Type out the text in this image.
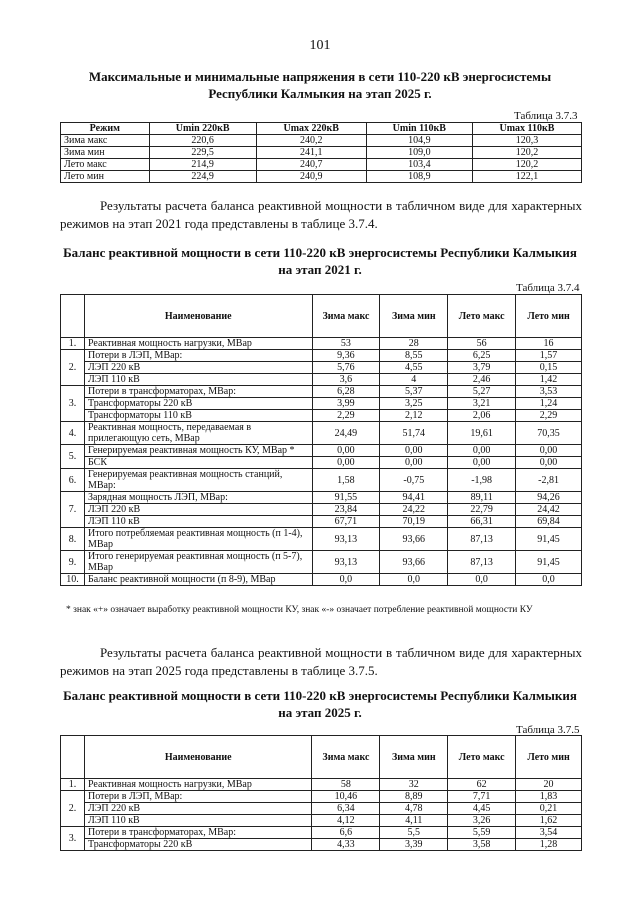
101
Максимальные и минимальные напряжения в сети 110-220 кВ энергосистемы Республики Калмыкия на этап 2025 г.
Таблица 3.7.3
Режим	Umin 220кВ	Umax 220кВ	Umin 110кВ	Umax 110кВ
Зима макс	220,6	240,2	104,9	120,3
Зима мин	229,5	241,1	109,0	120,2
Лето макс	214,9	240,7	103,4	120,2
Лето мин	224,9	240,9	108,9	122,1
Результаты расчета баланса реактивной мощности в табличном виде для характерных режимов на этап 2021 года представлены в таблице 3.7.4.
Баланс реактивной мощности в сети 110-220 кВ энергосистемы Республики Калмыкия на этап 2021 г.
Таблица 3.7.4
	Наименование	Зима макс	Зима мин	Лето макс	Лето мин
1.	Реактивная мощность нагрузки, МВар	53	28	56	16
2.	Потери в ЛЭП, МВар:	9,36	8,55	6,25	1,57
	ЛЭП 220 кВ	5,76	4,55	3,79	0,15
	ЛЭП 110 кВ	3,6	4	2,46	1,42
3.	Потери в трансформаторах, МВар:	6,28	5,37	5,27	3,53
	Трансформаторы 220 кВ	3,99	3,25	3,21	1,24
	Трансформаторы 110 кВ	2,29	2,12	2,06	2,29
4.	Реактивная мощность, передаваемая в прилегающую сеть, МВар	24,49	51,74	19,61	70,35
5.	Генерируемая реактивная мощность КУ, МВар *	0,00	0,00	0,00	0,00
	БСК	0,00	0,00	0,00	0,00
6.	Генерируемая реактивная мощность станций, МВар:	1,58	-0,75	-1,98	-2,81
7.	Зарядная мощность ЛЭП, МВар:	91,55	94,41	89,11	94,26
	ЛЭП 220 кВ	23,84	24,22	22,79	24,42
	ЛЭП 110 кВ	67,71	70,19	66,31	69,84
8.	Итого потребляемая реактивная мощность (п 1-4), МВар	93,13	93,66	87,13	91,45
9.	Итого генерируемая реактивная мощность (п 5-7), МВар	93,13	93,66	87,13	91,45
10.	Баланс реактивной мощности (п 8-9), МВар	0,0	0,0	0,0	0,0
* знак «+» означает выработку реактивной мощности КУ, знак «-» означает потребление реактивной мощности КУ
Результаты расчета баланса реактивной мощности в табличном виде для характерных режимов на этап 2025 года представлены в таблице 3.7.5.
Баланс реактивной мощности в сети 110-220 кВ энергосистемы Республики Калмыкия на этап 2025 г.
Таблица 3.7.5
	Наименование	Зима макс	Зима мин	Лето макс	Лето мин
1.	Реактивная мощность нагрузки, МВар	58	32	62	20
2.	Потери в ЛЭП, МВар:	10,46	8,89	7,71	1,83
	ЛЭП 220 кВ	6,34	4,78	4,45	0,21
	ЛЭП 110 кВ	4,12	4,11	3,26	1,62
3.	Потери в трансформаторах, МВар:	6,6	5,5	5,59	3,54
	Трансформаторы 220 кВ	4,33	3,39	3,58	1,28
